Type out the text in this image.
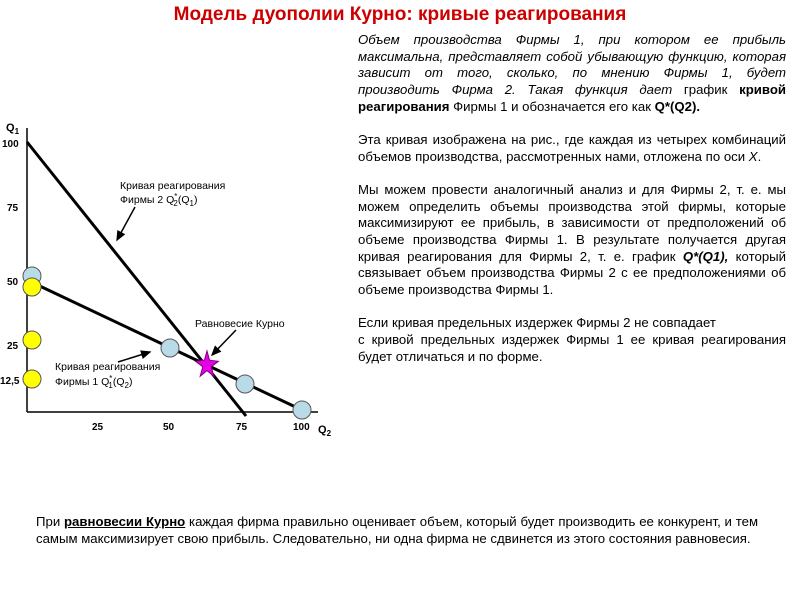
Модель дуополии Курно: кривые реагирования
$Q_1$
$Q_2$
100
75
50
25
12,5
25	50	75	100
Кривая реагирования Фирмы 2 Q* $2(Q_1)$
Равновесие Курно
Кривая реагирования Фирмы 1 Q* $1(Q_2)$

Объем производства Фирмы 1, при котором ее прибыль максимальна, представляет собой убывающую функцию, которая зависит от того, сколько, по мнению Фирмы 1, будет производить Фирма 2. Такая функция дает график кривой реагирования Фирмы 1 и обозначается его как Q*(Q2).

Эта кривая изображена на рис., где каждая из четырех комбинаций объемов производства, рассмотренных нами, отложена по оси X.

Мы можем провести аналогичный анализ и для Фирмы 2, т. е. мы можем определить объемы производства этой фирмы, которые максимизируют ее прибыль, в зависимости от предположений об объеме производства Фирмы 1. В результате получается другая кривая реагирования для Фирмы 2, т. е. график Q*(Q1), который связывает объем производства Фирмы 2 с ее предположениями об объеме производства Фирмы 1.

Если кривая предельных издержек Фирмы 2 не совпадает
с кривой предельных издержек Фирмы 1 ее кривая реагирования будет отличаться и по форме.

При равновесии Курно каждая фирма правильно оценивает объем, который будет производить ее конкурент, и тем самым максимизирует свою прибыль. Следовательно, ни одна фирма не сдвинется из этого состояния равновесия.
